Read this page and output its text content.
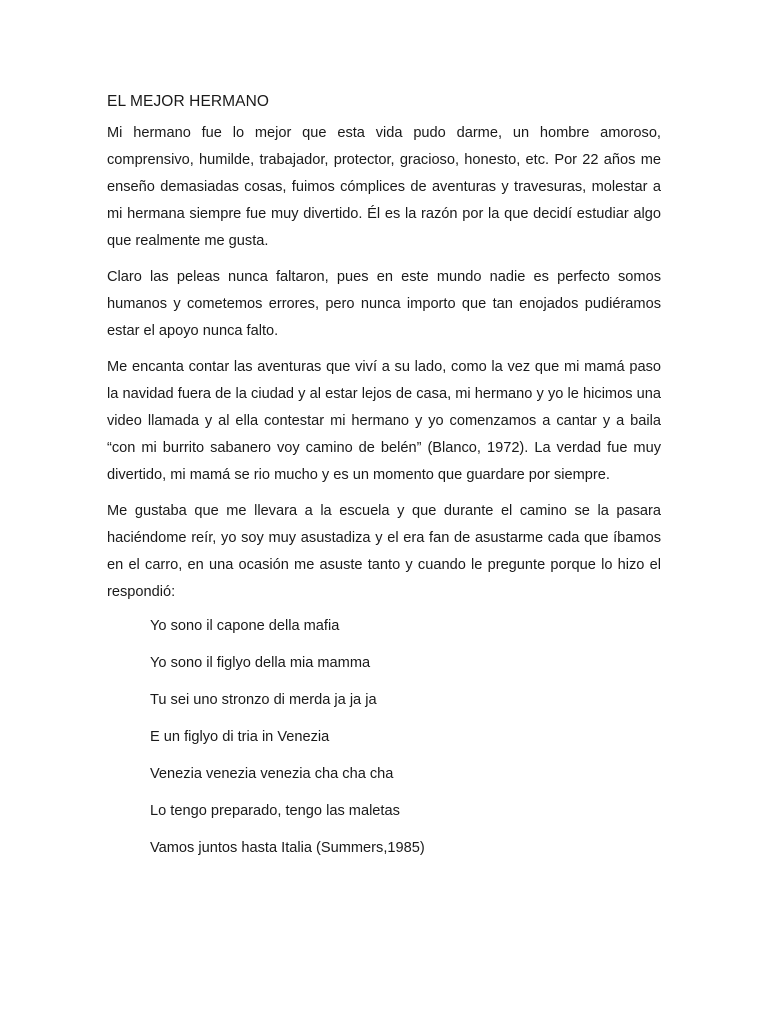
EL MEJOR HERMANO

Mi hermano fue lo mejor que esta vida pudo darme, un hombre amoroso, comprensivo, humilde, trabajador, protector, gracioso, honesto, etc. Por 22 años me enseño demasiadas cosas, fuimos cómplices de aventuras y travesuras, molestar a mi hermana siempre fue muy divertido. Él es la razón por la que decidí estudiar algo que realmente me gusta.

Claro las peleas nunca faltaron, pues en este mundo nadie es perfecto somos humanos y cometemos errores, pero nunca importo que tan enojados pudiéramos estar el apoyo nunca falto.

Me encanta contar las aventuras que viví a su lado, como la vez que mi mamá paso la navidad fuera de la ciudad y al estar lejos de casa, mi hermano y yo le hicimos una video llamada y al ella contestar mi hermano y yo comenzamos a cantar y a baila “con mi burrito sabanero voy camino de belén” (Blanco, 1972). La verdad fue muy divertido, mi mamá se rio mucho y es un momento que guardare por siempre.

Me gustaba que me llevara a la escuela y que durante el camino se la pasara haciéndome reír, yo soy muy asustadiza y el era fan de asustarme cada que íbamos en el carro, en una ocasión me asuste tanto y cuando le pregunte porque lo hizo el respondió:

Yo sono il capone della mafia
Yo sono il figlyo della mia mamma
Tu sei uno stronzo di merda ja ja ja
E un figlyo di tria in Venezia
Venezia venezia venezia cha cha cha
Lo tengo preparado, tengo las maletas
Vamos juntos hasta Italia (Summers,1985)
